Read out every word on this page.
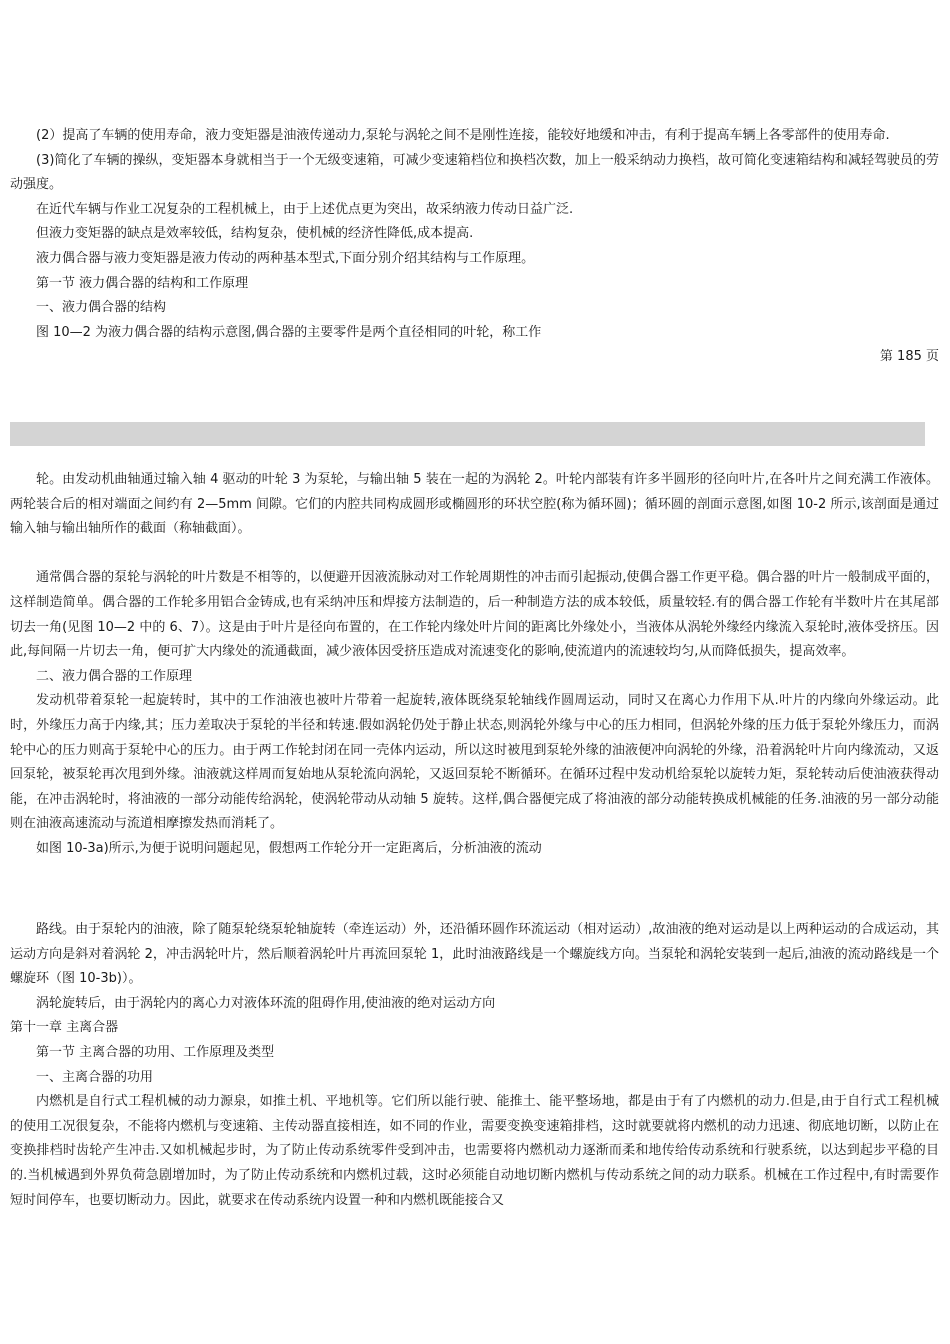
(2）提高了车辆的使用寿命，液力变矩器是油液传递动力,泵轮与涡轮之间不是刚性连接，能较好地缓和冲击，有利于提高车辆上各零部件的使用寿命.

(3)简化了车辆的操纵，变矩器本身就相当于一个无级变速箱，可减少变速箱档位和换档次数，加上一般采纳动力换档，故可简化变速箱结构和减轻驾驶员的劳动强度。

在近代车辆与作业工况复杂的工程机械上，由于上述优点更为突出，故采纳液力传动日益广泛.

但液力变矩器的缺点是效率较低，结构复杂，使机械的经济性降低,成本提高.

液力偶合器与液力变矩器是液力传动的两种基本型式,下面分别介绍其结构与工作原理。

第一节 液力偶合器的结构和工作原理

一、液力偶合器的结构

图 10—2 为液力偶合器的结构示意图,偶合器的主要零件是两个直径相同的叶轮，称工作

第 185 页

轮。由发动机曲轴通过输入轴 4 驱动的叶轮 3 为泵轮，与输出轴 5 装在一起的为涡轮 2。叶轮内部装有许多半圆形的径向叶片,在各叶片之间充满工作液体。两轮装合后的相对端面之间约有 2—5mm 间隙。它们的内腔共同构成圆形或椭圆形的环状空腔(称为循环圆)；循环圆的剖面示意图,如图 10-2 所示,该剖面是通过输入轴与输出轴所作的截面（称轴截面）。

通常偶合器的泵轮与涡轮的叶片数是不相等的，以便避开因液流脉动对工作轮周期性的冲击而引起振动,使偶合器工作更平稳。偶合器的叶片一般制成平面的，这样制造简单。偶合器的工作轮多用铝合金铸成,也有采纳冲压和焊接方法制造的，后一种制造方法的成本较低，质量较轻.有的偶合器工作轮有半数叶片在其尾部切去一角(见图 10—2 中的 6、7）。这是由于叶片是径向布置的，在工作轮内缘处叶片间的距离比外缘处小，当液体从涡轮外缘经内缘流入泵轮时,液体受挤压。因此,每间隔一片切去一角，便可扩大内缘处的流通截面，减少液体因受挤压造成对流速变化的影响,使流道内的流速较均匀,从而降低损失，提高效率。

二、液力偶合器的工作原理

发动机带着泵轮一起旋转时，其中的工作油液也被叶片带着一起旋转,液体既绕泵轮轴线作圆周运动，同时又在离心力作用下从.叶片的内缘向外缘运动。此时，外缘压力高于内缘,其；压力差取决于泵轮的半径和转速.假如涡轮仍处于静止状态,则涡轮外缘与中心的压力相同，但涡轮外缘的压力低于泵轮外缘压力，而涡轮中心的压力则高于泵轮中心的压力。由于两工作轮封闭在同一壳体内运动，所以这时被甩到泵轮外缘的油液便冲向涡轮的外缘，沿着涡轮叶片向内缘流动，又返回泵轮，被泵轮再次甩到外缘。油液就这样周而复始地从泵轮流向涡轮，又返回泵轮不断循环。在循环过程中发动机给泵轮以旋转力矩，泵轮转动后使油液获得动能，在冲击涡轮时，将油液的一部分动能传给涡轮，使涡轮带动从动轴 5 旋转。这样,偶合器便完成了将油液的部分动能转换成机械能的任务.油液的另一部分动能则在油液高速流动与流道相摩擦发热而消耗了。

如图 10-3a)所示,为便于说明问题起见，假想两工作轮分开一定距离后，分析油液的流动

路线。由于泵轮内的油液，除了随泵轮绕泵轮轴旋转（牵连运动）外，还沿循环圆作环流运动（相对运动）,故油液的绝对运动是以上两种运动的合成运动，其运动方向是斜对着涡轮 2，冲击涡轮叶片，然后顺着涡轮叶片再流回泵轮 1，此时油液路线是一个螺旋线方向。当泵轮和涡轮安装到一起后,油液的流动路线是一个螺旋环（图 10-3b)）。

涡轮旋转后，由于涡轮内的离心力对液体环流的阻碍作用,使油液的绝对运动方向

第十一章 主离合器

第一节 主离合器的功用、工作原理及类型

一、主离合器的功用

内燃机是自行式工程机械的动力源泉，如推土机、平地机等。它们所以能行驶、能推土、能平整场地，都是由于有了内燃机的动力.但是,由于自行式工程机械的使用工况很复杂，不能将内燃机与变速箱、主传动器直接相连，如不同的作业，需要变换变速箱排档，这时就要就将内燃机的动力迅速、彻底地切断，以防止在变换排档时齿轮产生冲击.又如机械起步时，为了防止传动系统零件受到冲击，也需要将内燃机动力逐渐而柔和地传给传动系统和行驶系统，以达到起步平稳的目的.当机械遇到外界负荷急剧增加时，为了防止传动系统和内燃机过载，这时必须能自动地切断内燃机与传动系统之间的动力联系。机械在工作过程中,有时需要作短时间停车，也要切断动力。因此，就要求在传动系统内设置一种和内燃机既能接合又
